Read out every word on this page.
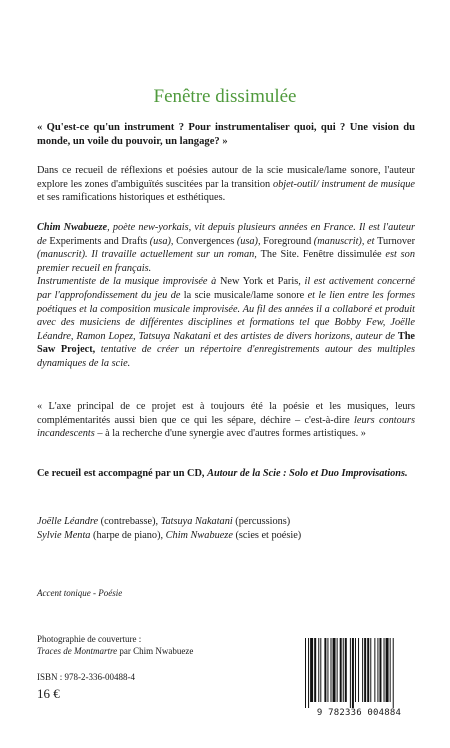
Fenêtre dissimulée

« Qu'est-ce qu'un instrument ? Pour instrumentaliser quoi, qui ? Une vision du monde, un voile du pouvoir, un langage? »

Dans ce recueil de réflexions et poésies autour de la scie musicale/lame sonore, l'auteur explore les zones d'ambiguïtés suscitées par la transition objet-outil/ instrument de musique et ses ramifications historiques et esthétiques.

Chim Nwabueze, poète new-yorkais, vit depuis plusieurs années en France. Il est l'auteur de Experiments and Drafts (usa), Convergences (usa), Foreground (manuscrit), et Turnover (manuscrit). Il travaille actuellement sur un roman, The Site. Fenêtre dissimulée est son premier recueil en français.

Instrumentiste de la musique improvisée à New York et Paris, il est activement concerné par l'approfondissement du jeu de la scie musicale/lame sonore et le lien entre les formes poétiques et la composition musicale improvisée. Au fil des années il a collaboré et produit avec des musiciens de différentes disciplines et formations tel que Bobby Few, Joëlle Léandre, Ramon Lopez, Tatsuya Nakatani et des artistes de divers horizons, auteur de The Saw Project, tentative de créer un répertoire d'enregistrements autour des multiples dynamiques de la scie.

« L'axe principal de ce projet est à toujours été la poésie et les musiques, leurs complémentarités aussi bien que ce qui les sépare, déchire – c'est-à-dire leurs contours incandescents – à la recherche d'une synergie avec d'autres formes artistiques. »

Ce recueil est accompagné par un CD, Autour de la Scie : Solo et Duo Improvisations.

Joëlle Léandre (contrebasse), Tatsuya Nakatani (percussions)

Sylvie Menta (harpe de piano), Chim Nwabueze (scies et poésie)

Accent tonique - Poésie

Photographie de couverture :

Traces de Montmartre par Chim Nwabueze

ISBN : 978-2-336-00488-4

16 €

9 782336 004884
